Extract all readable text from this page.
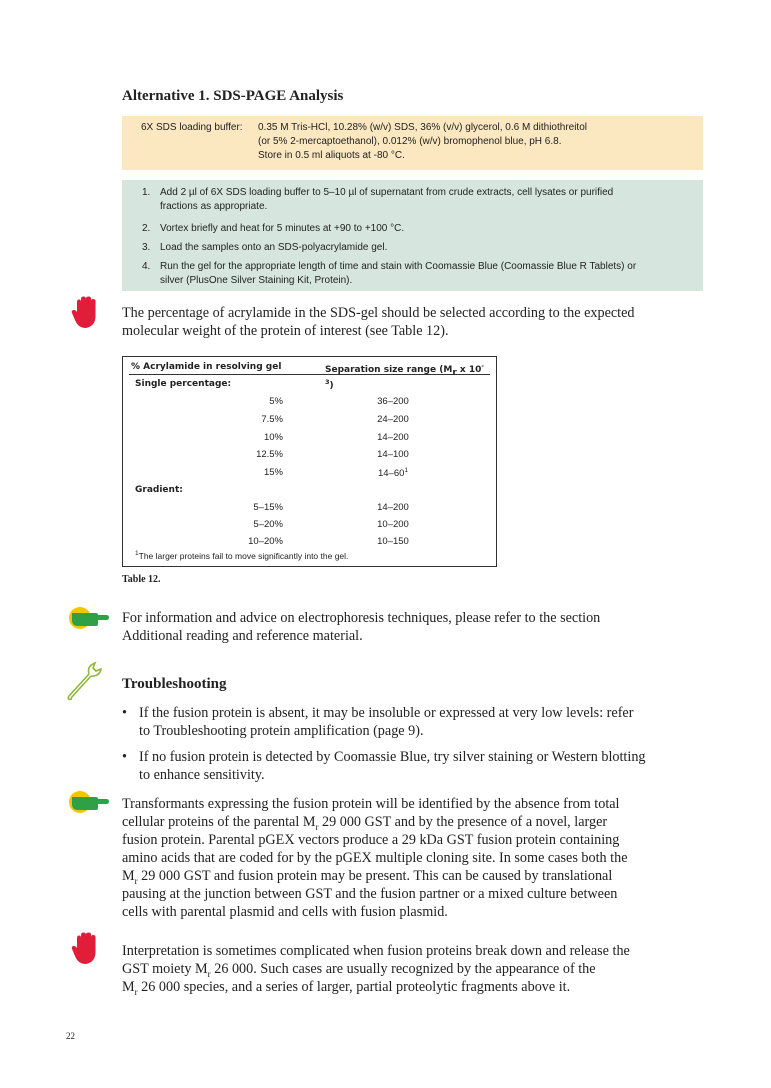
Alternative 1. SDS-PAGE Analysis
6X SDS loading buffer: 0.35 M Tris-HCl, 10.28% (w/v) SDS, 36% (v/v) glycerol, 0.6 M dithiothreitol
(or 5% 2-mercaptoethanol), 0.012% (w/v) bromophenol blue, pH 6.8.
Store in 0.5 ml aliquots at -80 °C.
1. Add 2 µl of 6X SDS loading buffer to 5–10 µl of supernatant from crude extracts, cell lysates or purified
fractions as appropriate.
2. Vortex briefly and heat for 5 minutes at +90 to +100 °C.
3. Load the samples onto an SDS-polyacrylamide gel.
4. Run the gel for the appropriate length of time and stain with Coomassie Blue (Coomassie Blue R Tablets) or
silver (PlusOne Silver Staining Kit, Protein).
The percentage of acrylamide in the SDS-gel should be selected according to the expected
molecular weight of the protein of interest (see Table 12).
% Acrylamide in resolving gel	Separation size range ($M_r$ x $10^{-3}$)
Single percentage:
5%	36–200
7.5%	24–200
10%	14–200
12.5%	14–100
15%	$14-60^1$
Gradient:
5–15%	14–200
5–20%	10–200
10–20%	10–150
$^1$The larger proteins fail to move significantly into the gel.
Table 12.
For information and advice on electrophoresis techniques, please refer to the section
Additional reading and reference material.
Troubleshooting
• If the fusion protein is absent, it may be insoluble or expressed at very low levels: refer
to Troubleshooting protein amplification (page 9).
• If no fusion protein is detected by Coomassie Blue, try silver staining or Western blotting
to enhance sensitivity.
Transformants expressing the fusion protein will be identified by the absence from total
cellular proteins of the parental $M_r$ 29 000 GST and by the presence of a novel, larger
fusion protein. Parental pGEX vectors produce a 29 kDa GST fusion protein containing
amino acids that are coded for by the pGEX multiple cloning site. In some cases both the
$M_r$ 29 000 GST and fusion protein may be present. This can be caused by translational
pausing at the junction between GST and the fusion partner or a mixed culture between
cells with parental plasmid and cells with fusion plasmid.
Interpretation is sometimes complicated when fusion proteins break down and release the
GST moiety $M_r$ 26 000. Such cases are usually recognized by the appearance of the
$M_r$ 26 000 species, and a series of larger, partial proteolytic fragments above it.
22
